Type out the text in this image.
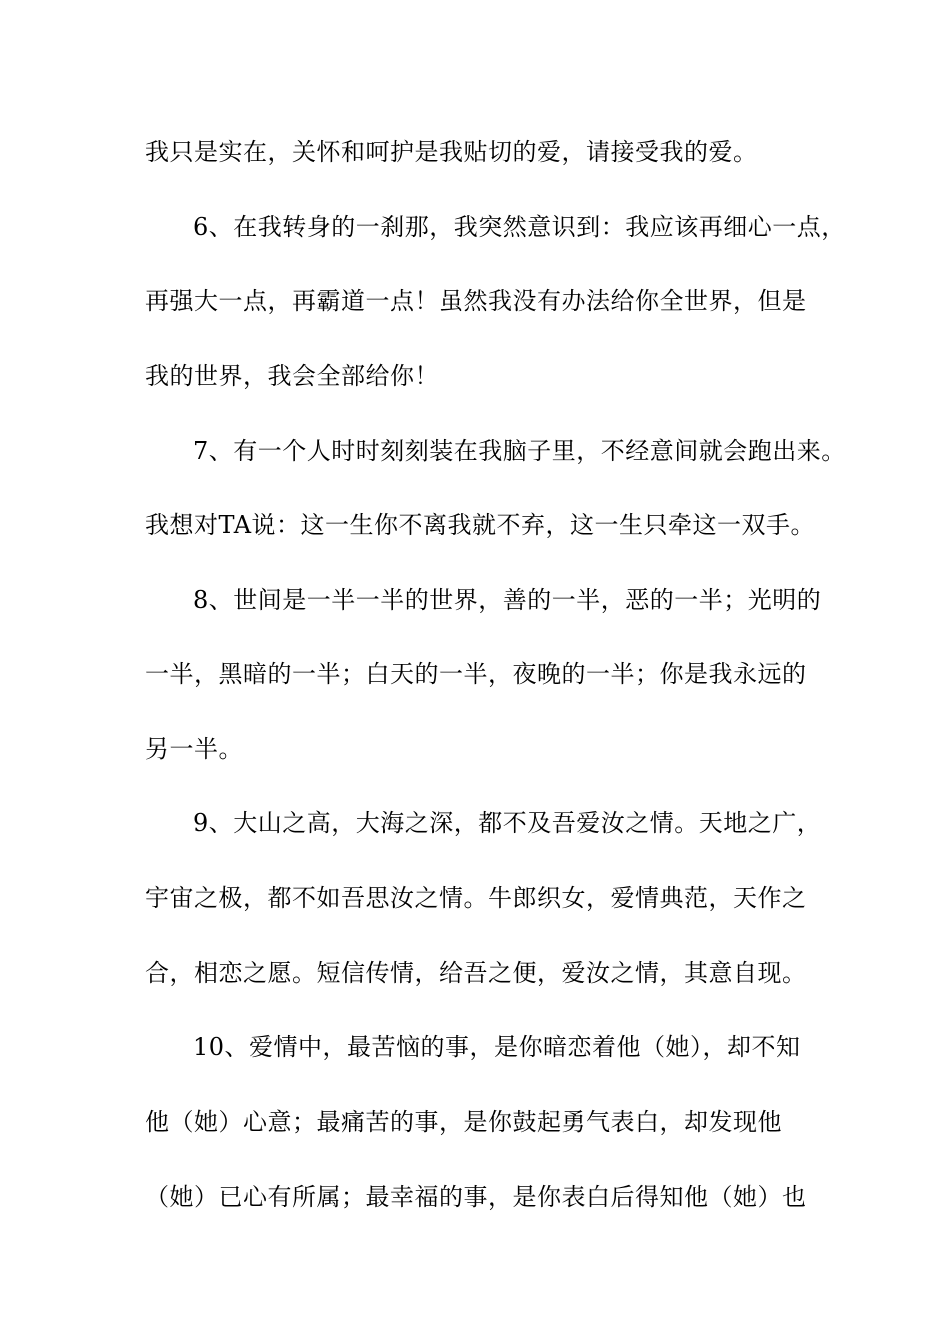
我只是实在，关怀和呵护是我贴切的爱，请接受我的爱。
6、在我转身的一刹那，我突然意识到：我应该再细心一点，
再强大一点，再霸道一点！虽然我没有办法给你全世界，但是
我的世界，我会全部给你！
7、有一个人时时刻刻装在我脑子里，不经意间就会跑出来。
我想对TA说：这一生你不离我就不弃，这一生只牵这一双手。
8、世间是一半一半的世界，善的一半，恶的一半；光明的
一半，黑暗的一半；白天的一半，夜晚的一半；你是我永远的
另一半。
9、大山之高，大海之深，都不及吾爱汝之情。天地之广，
宇宙之极，都不如吾思汝之情。牛郎织女，爱情典范，天作之
合，相恋之愿。短信传情，给吾之便，爱汝之情，其意自现。
10、爱情中，最苦恼的事，是你暗恋着他（她），却不知
他（她）心意；最痛苦的事，是你鼓起勇气表白，却发现他
（她）已心有所属；最幸福的事，是你表白后得知他（她）也
